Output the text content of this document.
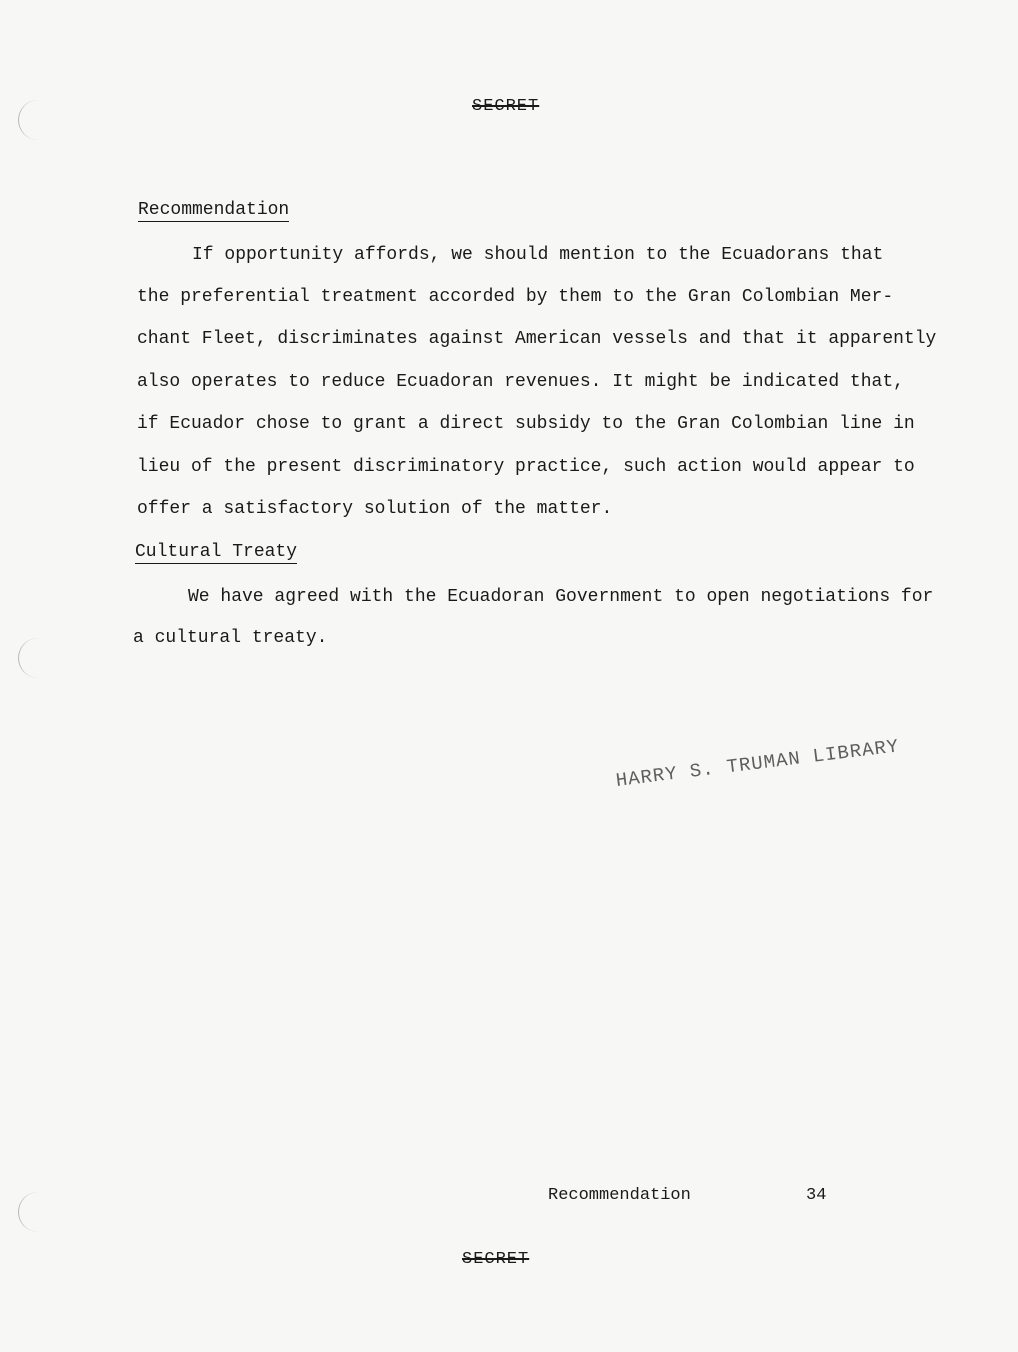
SECRET
Recommendation
If opportunity affords, we should mention to the Ecuadorans that
the preferential treatment accorded by them to the Gran Colombian Mer-
chant Fleet, discriminates against American vessels and that it apparently
also operates to reduce Ecuadoran revenues. It might be indicated that,
if Ecuador chose to grant a direct subsidy to the Gran Colombian line in
lieu of the present discriminatory practice, such action would appear to
offer a satisfactory solution of the matter.
Cultural Treaty
We have agreed with the Ecuadoran Government to open negotiations for
a cultural treaty.
HARRY S. TRUMAN LIBRARY
Recommendation	34
SECRET
